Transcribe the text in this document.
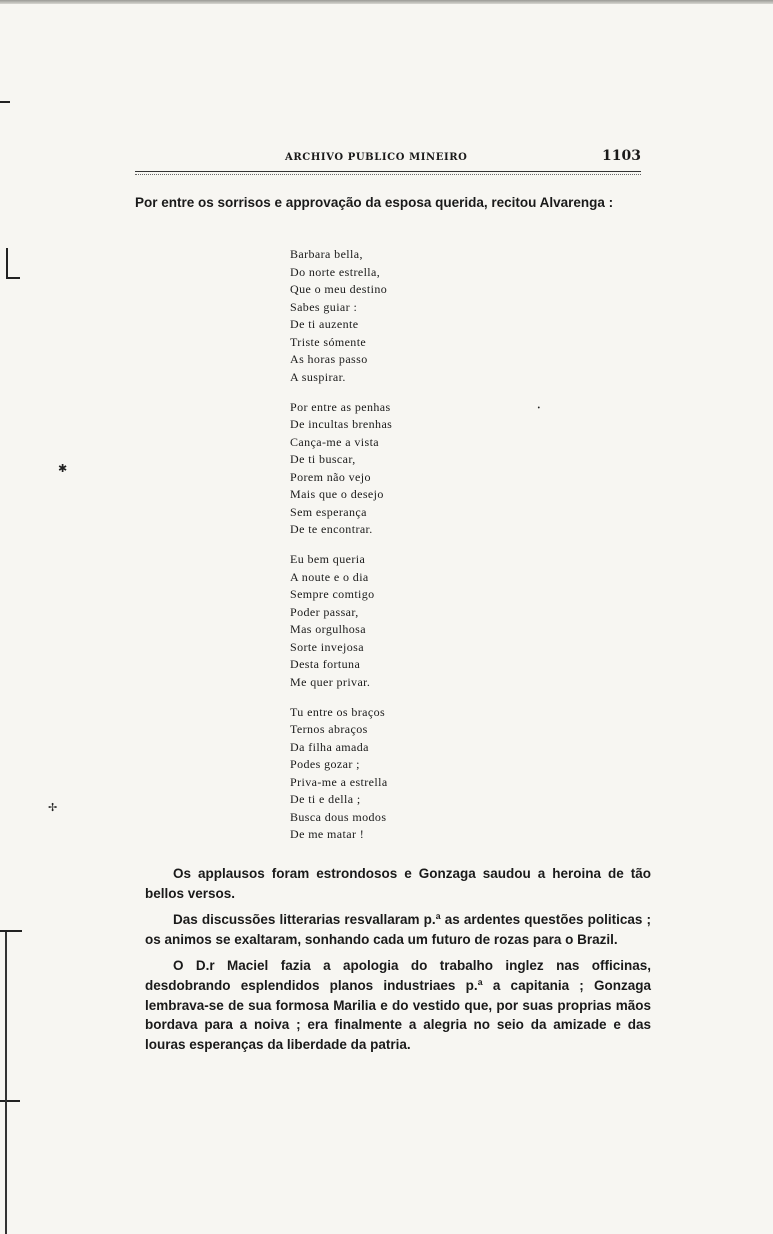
✱
✢
•
ARCHIVO PUBLICO MINEIRO	1103
Por entre os sorrisos e approvação da esposa querida, recitou Alvarenga :
Barbara bella,
Do norte estrella,
Que o meu destino
Sabes guiar :
De ti auzente
Triste sómente
As horas passo
A suspirar.
Por entre as penhas
De incultas brenhas
Cança-me a vista
De ti buscar,
Porem não vejo
Mais que o desejo
Sem esperança
De te encontrar.
Eu bem queria
A noute e o dia
Sempre comtigo
Poder passar,
Mas orgulhosa
Sorte invejosa
Desta fortuna
Me quer privar.
Tu entre os braços
Ternos abraços
Da filha amada
Podes gozar ;
Priva-me a estrella
De ti e della ;
Busca dous modos
De me matar !

Os applausos foram estrondosos e Gonzaga saudou a heroina de tão bellos versos.

Das discussões litterarias resvallaram p.ª as ardentes questões politicas ; os animos se exaltaram, sonhando cada um futuro de rozas para o Brazil.

O D.r Maciel fazia a apologia do trabalho inglez nas officinas, desdobrando esplendidos planos industriaes p.ª a capitania ; Gonzaga lembrava-se de sua formosa Marilia e do vestido que, por suas proprias mãos bordava para a noiva ; era finalmente a alegria no seio da amizade e das louras esperanças da liberdade da patria.
